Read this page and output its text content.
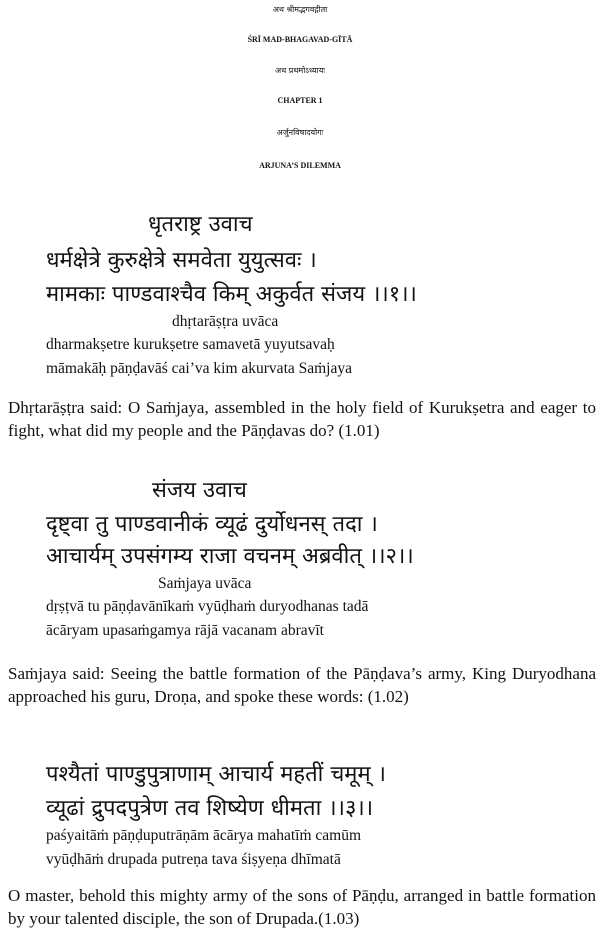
अथ श्रीमद्भगवद्गीता
ŚRĪ MAD-BHAGAVAD-GĪTĀ
अथ प्रथमोऽध्यायः
CHAPTER 1
अर्जुनविषादयोगः
ARJUNA’S DILEMMA
धृतराष्ट्र उवाच
धर्मक्षेत्रे कुरुक्षेत्रे समवेता युयुत्सवः ।
मामकाः पाण्डवाश्चैव किम् अकुर्वत संजय ।।१।।
dhṛtarāṣṭra uvāca
dharmakṣetre kurukṣetre samavetā yuyutsavaḥ
māmakāḥ pāṇḍavāś cai’va kim akurvata Saṁjaya
Dhṛtarāṣṭra said: O Saṁjaya, assembled in the holy field of Kurukṣetra and eager to fight, what did my people and the Pāṇḍavas do? (1.01)
संजय उवाच
दृष्ट्वा तु पाण्डवानीकं व्यूढं दुर्योधनस् तदा ।
आचार्यम् उपसंगम्य राजा वचनम् अब्रवीत् ।।२।।
Saṁjaya uvāca
dṛṣṭvā tu pāṇḍavānīkaṁ vyūḍhaṁ duryodhanas tadā
ācāryam upasaṁgamya rājā vacanam abravīt
Saṁjaya said: Seeing the battle formation of the Pāṇḍava’s army, King Duryodhana approached his guru, Droṇa, and spoke these words: (1.02)
पश्यैतां पाण्डुपुत्राणाम् आचार्य महतीं चमूम् ।
व्यूढां द्रुपदपुत्रेण तव शिष्येण धीमता ।।३।।
paśyaitāṁ pāṇḍuputrāṇām ācārya mahatīṁ camūm
vyūḍhāṁ drupada putreṇa tava śiṣyeṇa dhīmatā
O master, behold this mighty army of the sons of Pāṇḍu, arranged in battle formation by your talented disciple, the son of Drupada.(1.03)
